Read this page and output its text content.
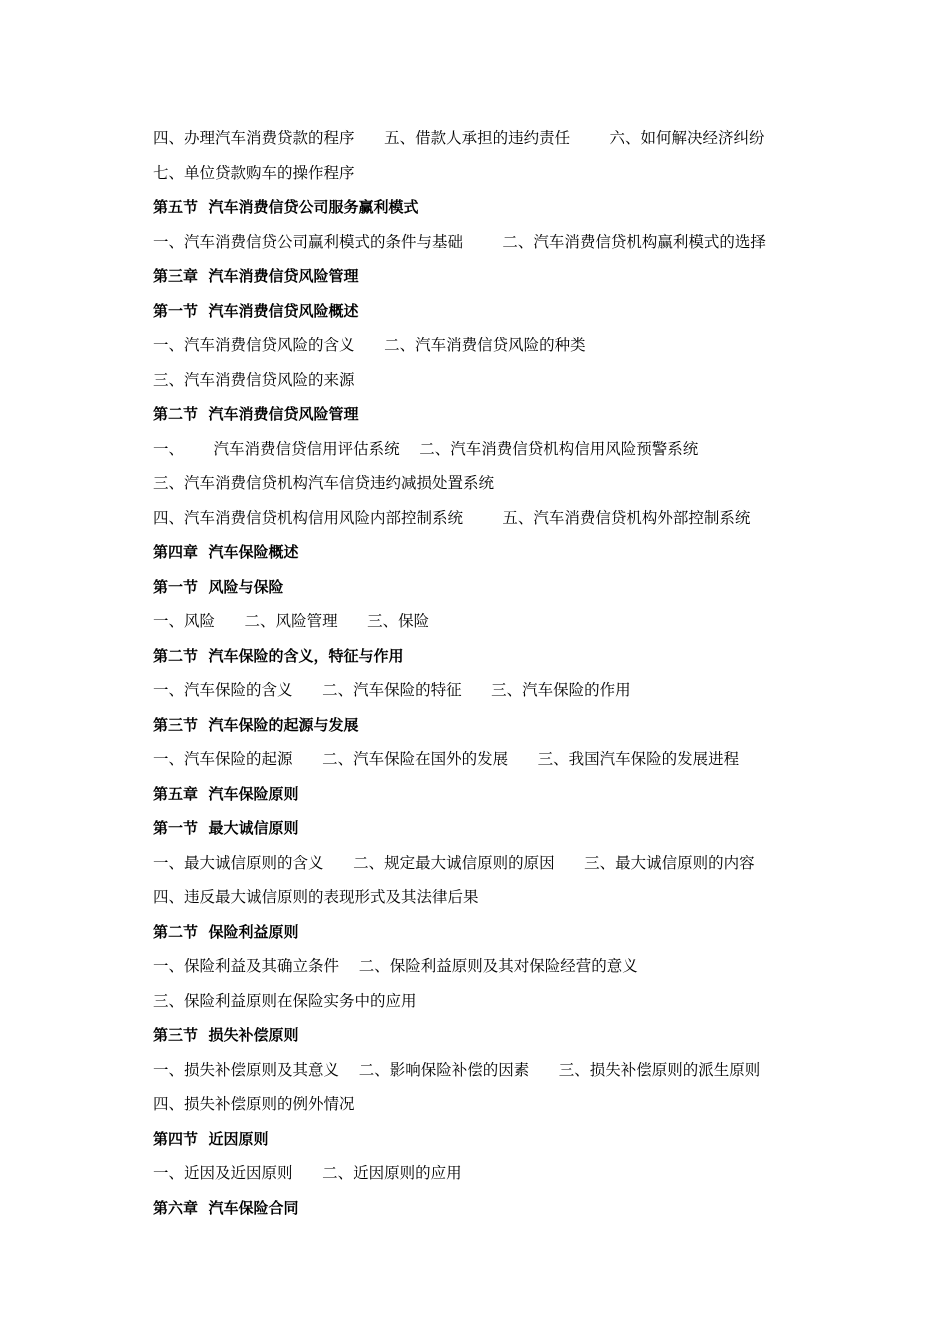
四、办理汽车消费贷款的程序      五、借款人承担的违约责任        六、如何解决经济纠纷
七、单位贷款购车的操作程序
第五节  汽车消费信贷公司服务赢利模式
一、汽车消费信贷公司赢利模式的条件与基础        二、汽车消费信贷机构赢利模式的选择
第三章  汽车消费信贷风险管理
第一节  汽车消费信贷风险概述
一、汽车消费信贷风险的含义      二、汽车消费信贷风险的种类
三、汽车消费信贷风险的来源
第二节  汽车消费信贷风险管理
一、      汽车消费信贷信用评估系统    二、汽车消费信贷机构信用风险预警系统
三、汽车消费信贷机构汽车信贷违约减损处置系统
四、汽车消费信贷机构信用风险内部控制系统        五、汽车消费信贷机构外部控制系统
第四章  汽车保险概述
第一节  风险与保险
一、风险      二、风险管理      三、保险
第二节  汽车保险的含义，特征与作用
一、汽车保险的含义      二、汽车保险的特征      三、汽车保险的作用
第三节  汽车保险的起源与发展
一、汽车保险的起源      二、汽车保险在国外的发展      三、我国汽车保险的发展进程
第五章  汽车保险原则
第一节  最大诚信原则
一、最大诚信原则的含义      二、规定最大诚信原则的原因      三、最大诚信原则的内容
四、违反最大诚信原则的表现形式及其法律后果
第二节  保险利益原则
一、保险利益及其确立条件    二、保险利益原则及其对保险经营的意义
三、保险利益原则在保险实务中的应用
第三节  损失补偿原则
一、损失补偿原则及其意义    二、影响保险补偿的因素      三、损失补偿原则的派生原则
四、损失补偿原则的例外情况
第四节  近因原则
一、近因及近因原则      二、近因原则的应用
第六章  汽车保险合同
